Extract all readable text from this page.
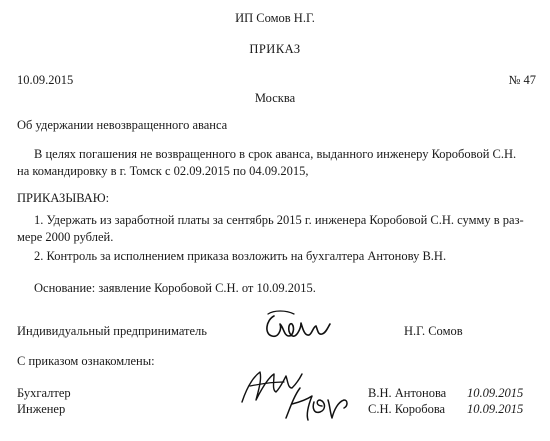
ИП Сомов Н.Г.
ПРИКАЗ
10.09.2015	№ 47
Москва
Об удержании невозвращенного аванса
В целях погашения не возвращенного в срок аванса, выданного инженеру Коробовой С.Н.
на командировку в г. Томск с 02.09.2015 по 04.09.2015,
ПРИКАЗЫВАЮ:
1. Удержать из заработной платы за сентябрь 2015 г. инженера Коробовой С.Н. сумму в раз-
мере 2000 рублей.
2. Контроль за исполнением приказа возложить на бухгалтера Антонову В.Н.
Основание: заявление Коробовой С.Н. от 10.09.2015.
Индивидуальный предприниматель	Н.Г. Сомов
С приказом ознакомлены:
Бухгалтер	В.Н. Антонова 10.09.2015
Инженер	С.Н. Коробова 10.09.2015
